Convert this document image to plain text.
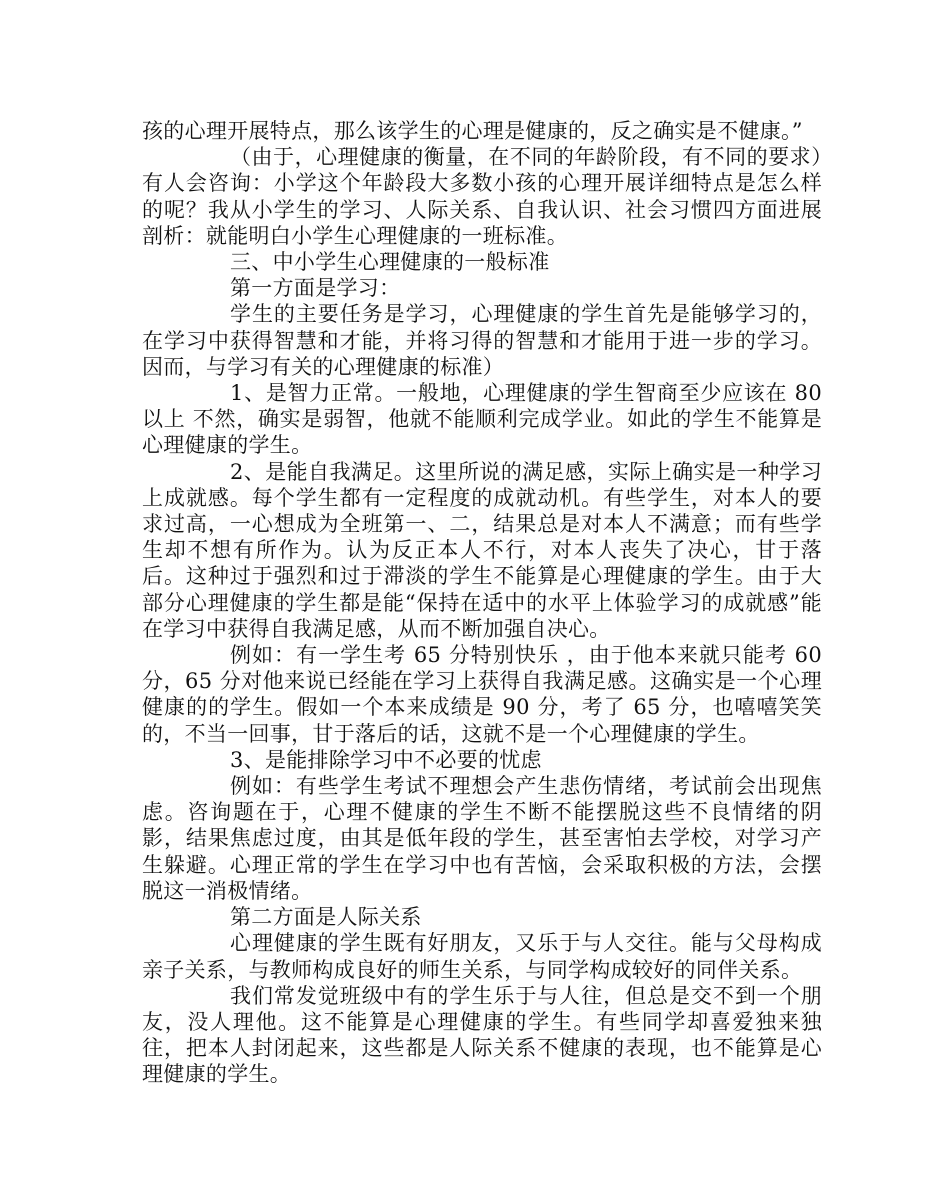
孩的心理开展特点，那么该学生的心理是健康的，反之确实是不健康。”

（由于，心理健康的衡量，在不同的年龄阶段，有不同的要求）有人会咨询：小学这个年龄段大多数小孩的心理开展详细特点是怎么样的呢？我从小学生的学习、人际关系、自我认识、社会习惯四方面进展剖析：就能明白小学生心理健康的一班标准。

三、中小学生心理健康的一般标准

第一方面是学习：

学生的主要任务是学习，心理健康的学生首先是能够学习的，在学习中获得智慧和才能，并将习得的智慧和才能用于进一步的学习。因而，与学习有关的心理健康的标准）

1、是智力正常。一般地，心理健康的学生智商至少应该在 80 以上 不然，确实是弱智，他就不能顺利完成学业。如此的学生不能算是心理健康的学生。

2、是能自我满足。这里所说的满足感，实际上确实是一种学习上成就感。每个学生都有一定程度的成就动机。有些学生，对本人的要求过高，一心想成为全班第一、二，结果总是对本人不满意；而有些学生却不想有所作为。认为反正本人不行，对本人丧失了决心，甘于落后。这种过于强烈和过于滞淡的学生不能算是心理健康的学生。由于大部分心理健康的学生都是能“保持在适中的水平上体验学习的成就感”能在学习中获得自我满足感，从而不断加强自决心。

例如：有一学生考 65 分特别快乐 ，由于他本来就只能考 60 分，65 分对他来说已经能在学习上获得自我满足感。这确实是一个心理健康的的学生。假如一个本来成绩是 90 分，考了 65 分，也嘻嘻笑笑的，不当一回事，甘于落后的话，这就不是一个心理健康的学生。

3、是能排除学习中不必要的忧虑

例如：有些学生考试不理想会产生悲伤情绪，考试前会出现焦虑。咨询题在于，心理不健康的学生不断不能摆脱这些不良情绪的阴影，结果焦虑过度，由其是低年段的学生，甚至害怕去学校，对学习产生躲避。心理正常的学生在学习中也有苦恼，会采取积极的方法，会摆脱这一消极情绪。

第二方面是人际关系

心理健康的学生既有好朋友，又乐于与人交往。能与父母构成亲子关系，与教师构成良好的师生关系，与同学构成较好的同伴关系。

我们常发觉班级中有的学生乐于与人往，但总是交不到一个朋友，没人理他。这不能算是心理健康的学生。有些同学却喜爱独来独往，把本人封闭起来，这些都是人际关系不健康的表现，也不能算是心理健康的学生。
